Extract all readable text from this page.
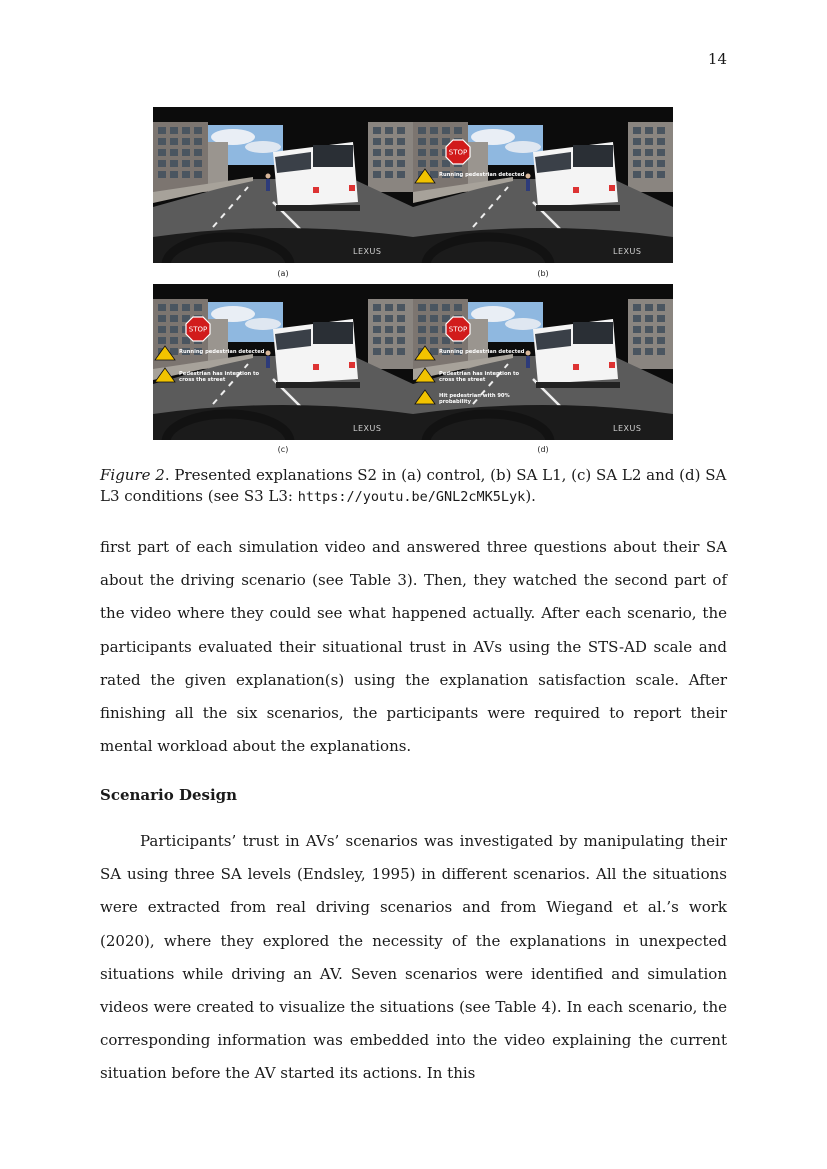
14
LEXUS
(a)
LEXUS
STOP
Running pedestrian detected
(b)
LEXUS
STOP
Running pedestrian detected
Pedestrian has intention to
cross the street
(c)
LEXUS
STOP
Running pedestrian detected
Pedestrian has intention to
cross the street
Hit pedestrian with 90%
probability
(d)
Figure 2. Presented explanations S2 in (a) control, (b) SA L1, (c) SA L2 and (d) SA L3 conditions (see S3 L3: https://youtu.be/GNL2cMK5Lyk).

first part of each simulation video and answered three questions about their SA about the driving scenario (see Table 3). Then, they watched the second part of the video where they could see what happened actually. After each scenario, the participants evaluated their situational trust in AVs using the STS-AD scale and rated the given explanation(s) using the explanation satisfaction scale. After finishing all the six scenarios, the participants were required to report their mental workload about the explanations.

Scenario Design

Participants’ trust in AVs’ scenarios was investigated by manipulating their SA using three SA levels (Endsley, 1995) in different scenarios. All the situations were extracted from real driving scenarios and from Wiegand et al.’s work (2020), where they explored the necessity of the explanations in unexpected situations while driving an AV. Seven scenarios were identified and simulation videos were created to visualize the situations (see Table 4). In each scenario, the corresponding information was embedded into the video explaining the current situation before the AV started its actions. In this
